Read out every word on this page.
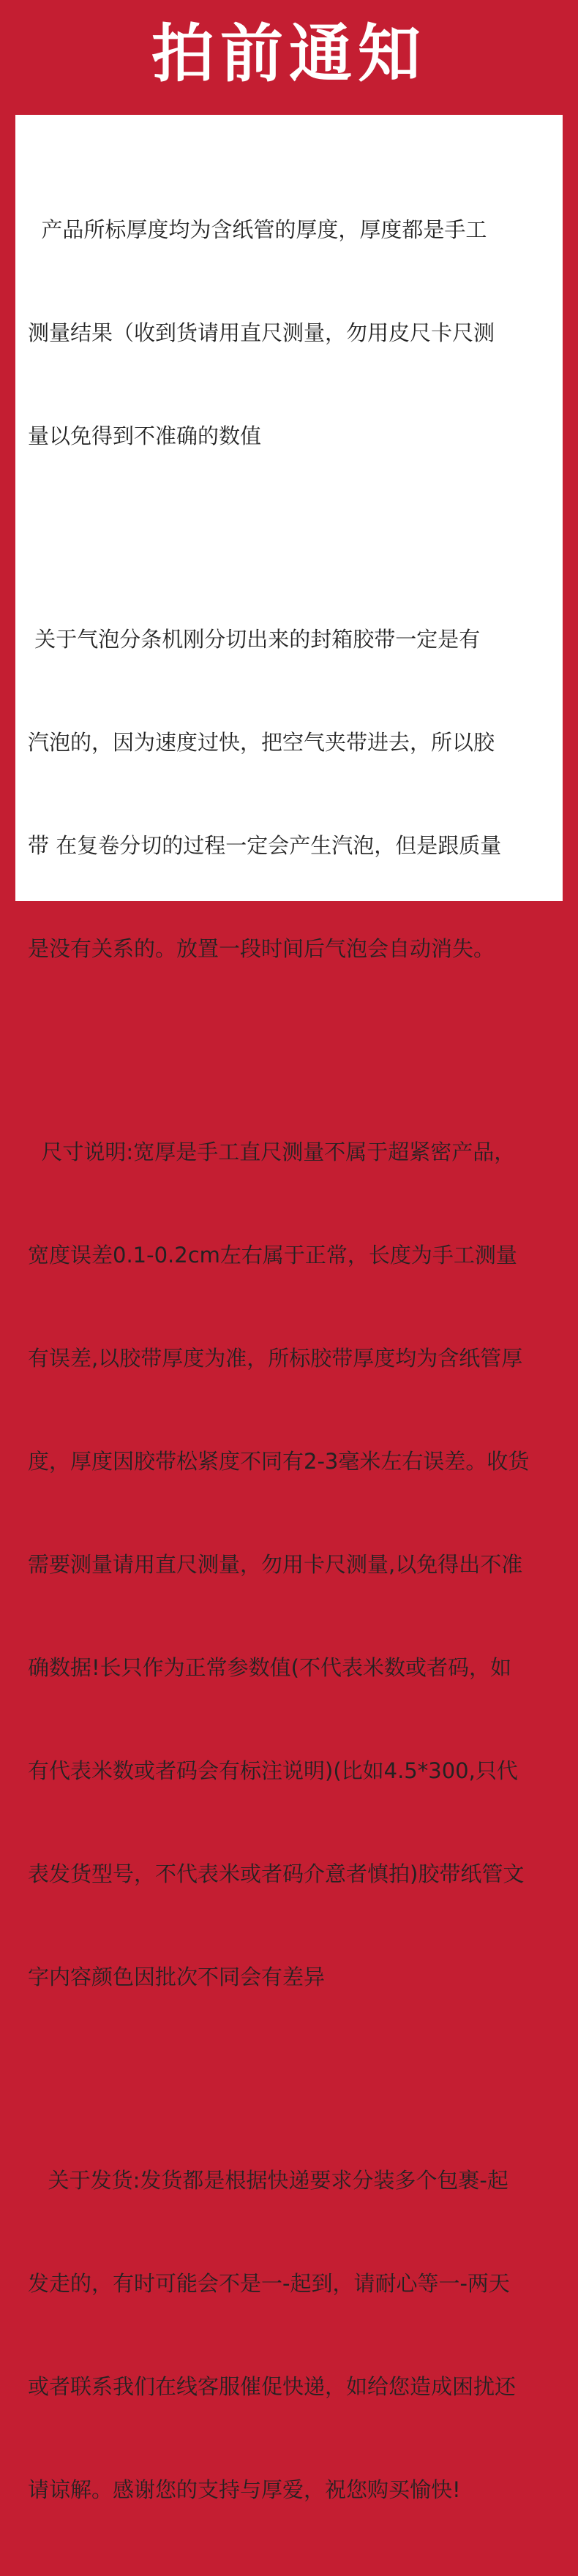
拍前通知

产品所标厚度均为含纸管的厚度，厚度都是手工

测量结果（收到货请用直尺测量，勿用皮尺卡尺测

量以免得到不准确的数值

关于气泡分条机刚分切出来的封箱胶带一定是有

汽泡的，因为速度过快，把空气夹带进去，所以胶

带 在复卷分切的过程一定会产生汽泡，但是跟质量

是没有关系的。放置一段时间后气泡会自动消失。

尺寸说明:宽厚是手工直尺测量不属于超紧密产品，

宽度误差0.1-0.2cm左右属于正常，长度为手工测量

有误差,以胶带厚度为准，所标胶带厚度均为含纸管厚

度，厚度因胶带松紧度不同有2-3毫米左右误差。收货

需要测量请用直尺测量，勿用卡尺测量,以免得出不准

确数据!长只作为正常参数值(不代表米数或者码，如

有代表米数或者码会有标注说明)(比如4.5*300,只代

表发货型号，不代表米或者码介意者慎拍)胶带纸管文

字内容颜色因批次不同会有差异

关于发货:发货都是根据快递要求分装多个包裹-起

发走的，有时可能会不是一-起到，请耐心等一-两天

或者联系我们在线客服催促快递，如给您造成困扰还

请谅解。感谢您的支持与厚爱，祝您购买愉快!
